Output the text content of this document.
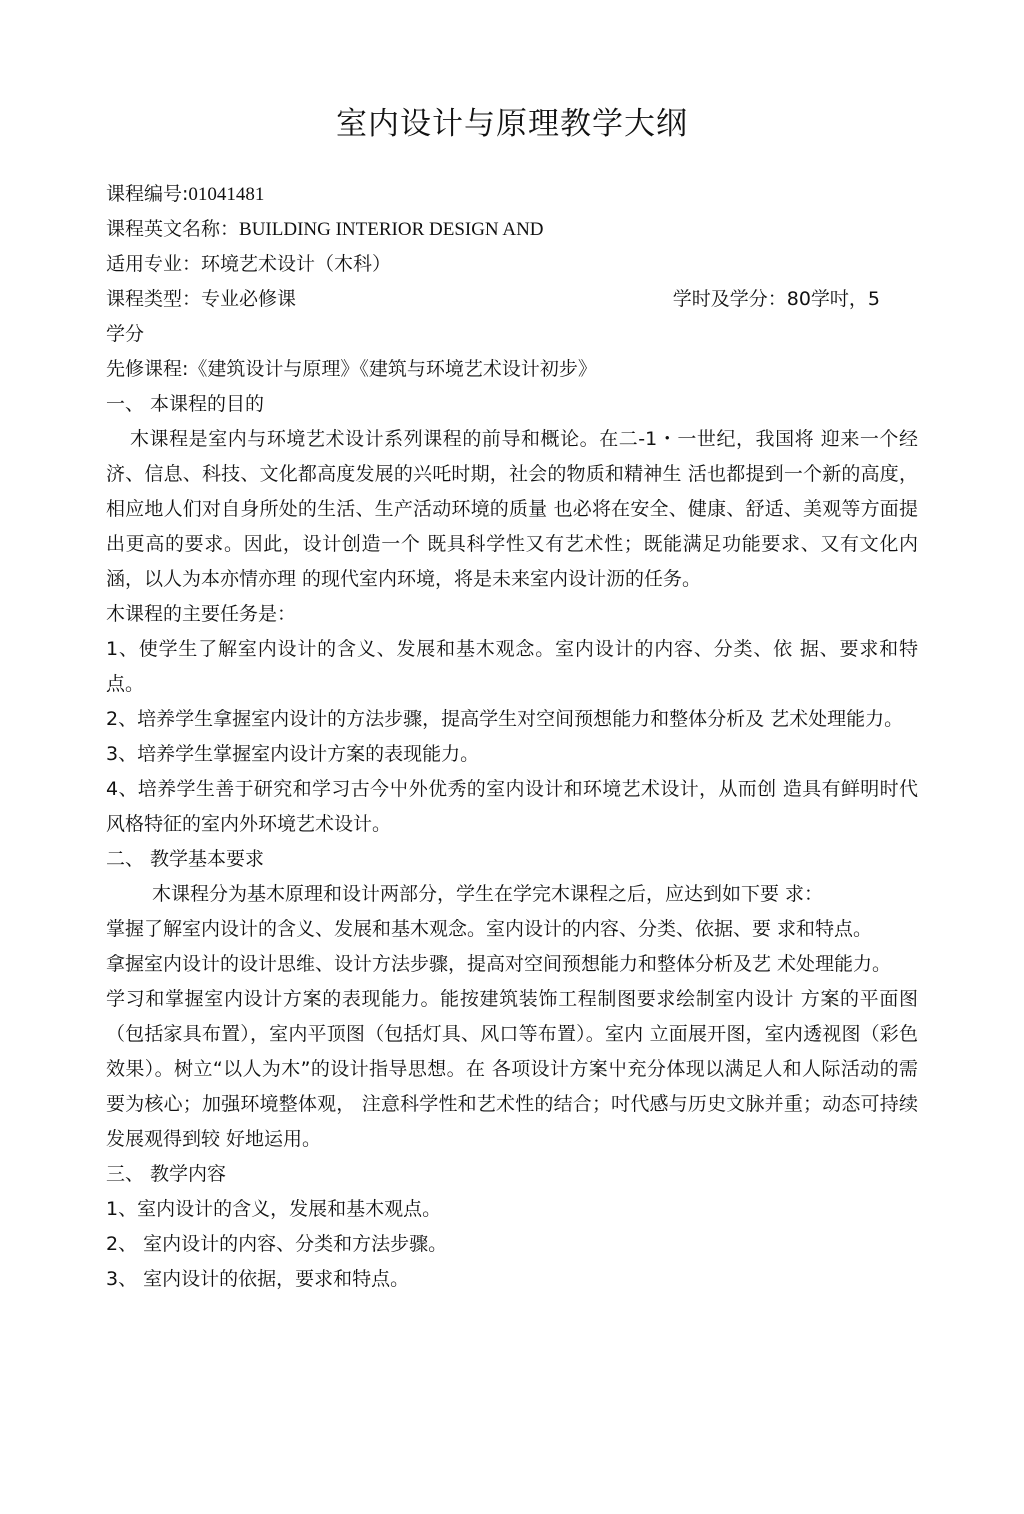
室内设计与原理教学大纲

课程编号:01041481

课程英文名称：BUILDING INTERIOR DESIGN AND

适用专业：环境艺术设计（木科）

课程类型：专业必修课	学时及学分：80学吋，5

学分

先修课程:《建筑设计与原理》《建筑与环境艺术设计初步》

一、 本课程的目的

木课程是室内与环境艺术设计系列课程的前导和概论。在二-1・一世纪，我国将 迎来一个经济、信息、科技、文化都高度发展的兴吒时期，社会的物质和精神生 活也都提到一个新的高度，相应地人们对自身所处的生活、生产活动环境的质量 也必将在安全、健康、舒适、美观等方面提出更高的要求。因此，设计创造一个 既具科学性又有艺术性；既能满足功能要求、又有文化内涵，以人为本亦情亦理 的现代室内环境，将是未来室内设计沥的任务。

木课程的主要任务是：

1、使学生了解室内设计的含义、发展和基木观念。室内设计的内容、分类、依 据、要求和特点。

2、培养学生拿握室内设计的方法步骤，提高学生对空间预想能力和整体分析及 艺术处理能力。

3、培养学生掌握室内设计方案的表现能力。

4、培养学生善于研究和学习古今屮外优秀的室内设计和环境艺术设计，从而创 造具有鲜明时代风格特征的室内外环境艺术设计。

二、 教学基本要求

木课程分为基木原理和设计两部分，学生在学完木课程之后，应达到如下要 求：

掌握了解室内设计的含义、发展和基木观念。室内设计的内容、分类、依据、要 求和特点。

拿握室内设计的设计思维、设计方法步骤，提高对空间预想能力和整体分析及艺 术处理能力。

学习和掌握室内设计方案的表现能力。能按建筑装饰工程制图要求绘制室内设计 方案的平面图（包括家具布置），室内平顶图（包括灯具、风口等布置）。室内 立面展开图，室内透视图（彩色效果）。树立“以人为木”的设计指导思想。在 各项设计方案屮充分体现以满足人和人际活动的需要为核心；加强环境整体观， 注意科学性和艺术性的结合；吋代感与历史文脉并重；动态可持续发展观得到较 好地运用。

三、 教学内容

1、室内设计的含义，发展和基木观点。

2、 室内设计的内容、分类和方法步骤。

3、 室内设计的依据，要求和特点。
